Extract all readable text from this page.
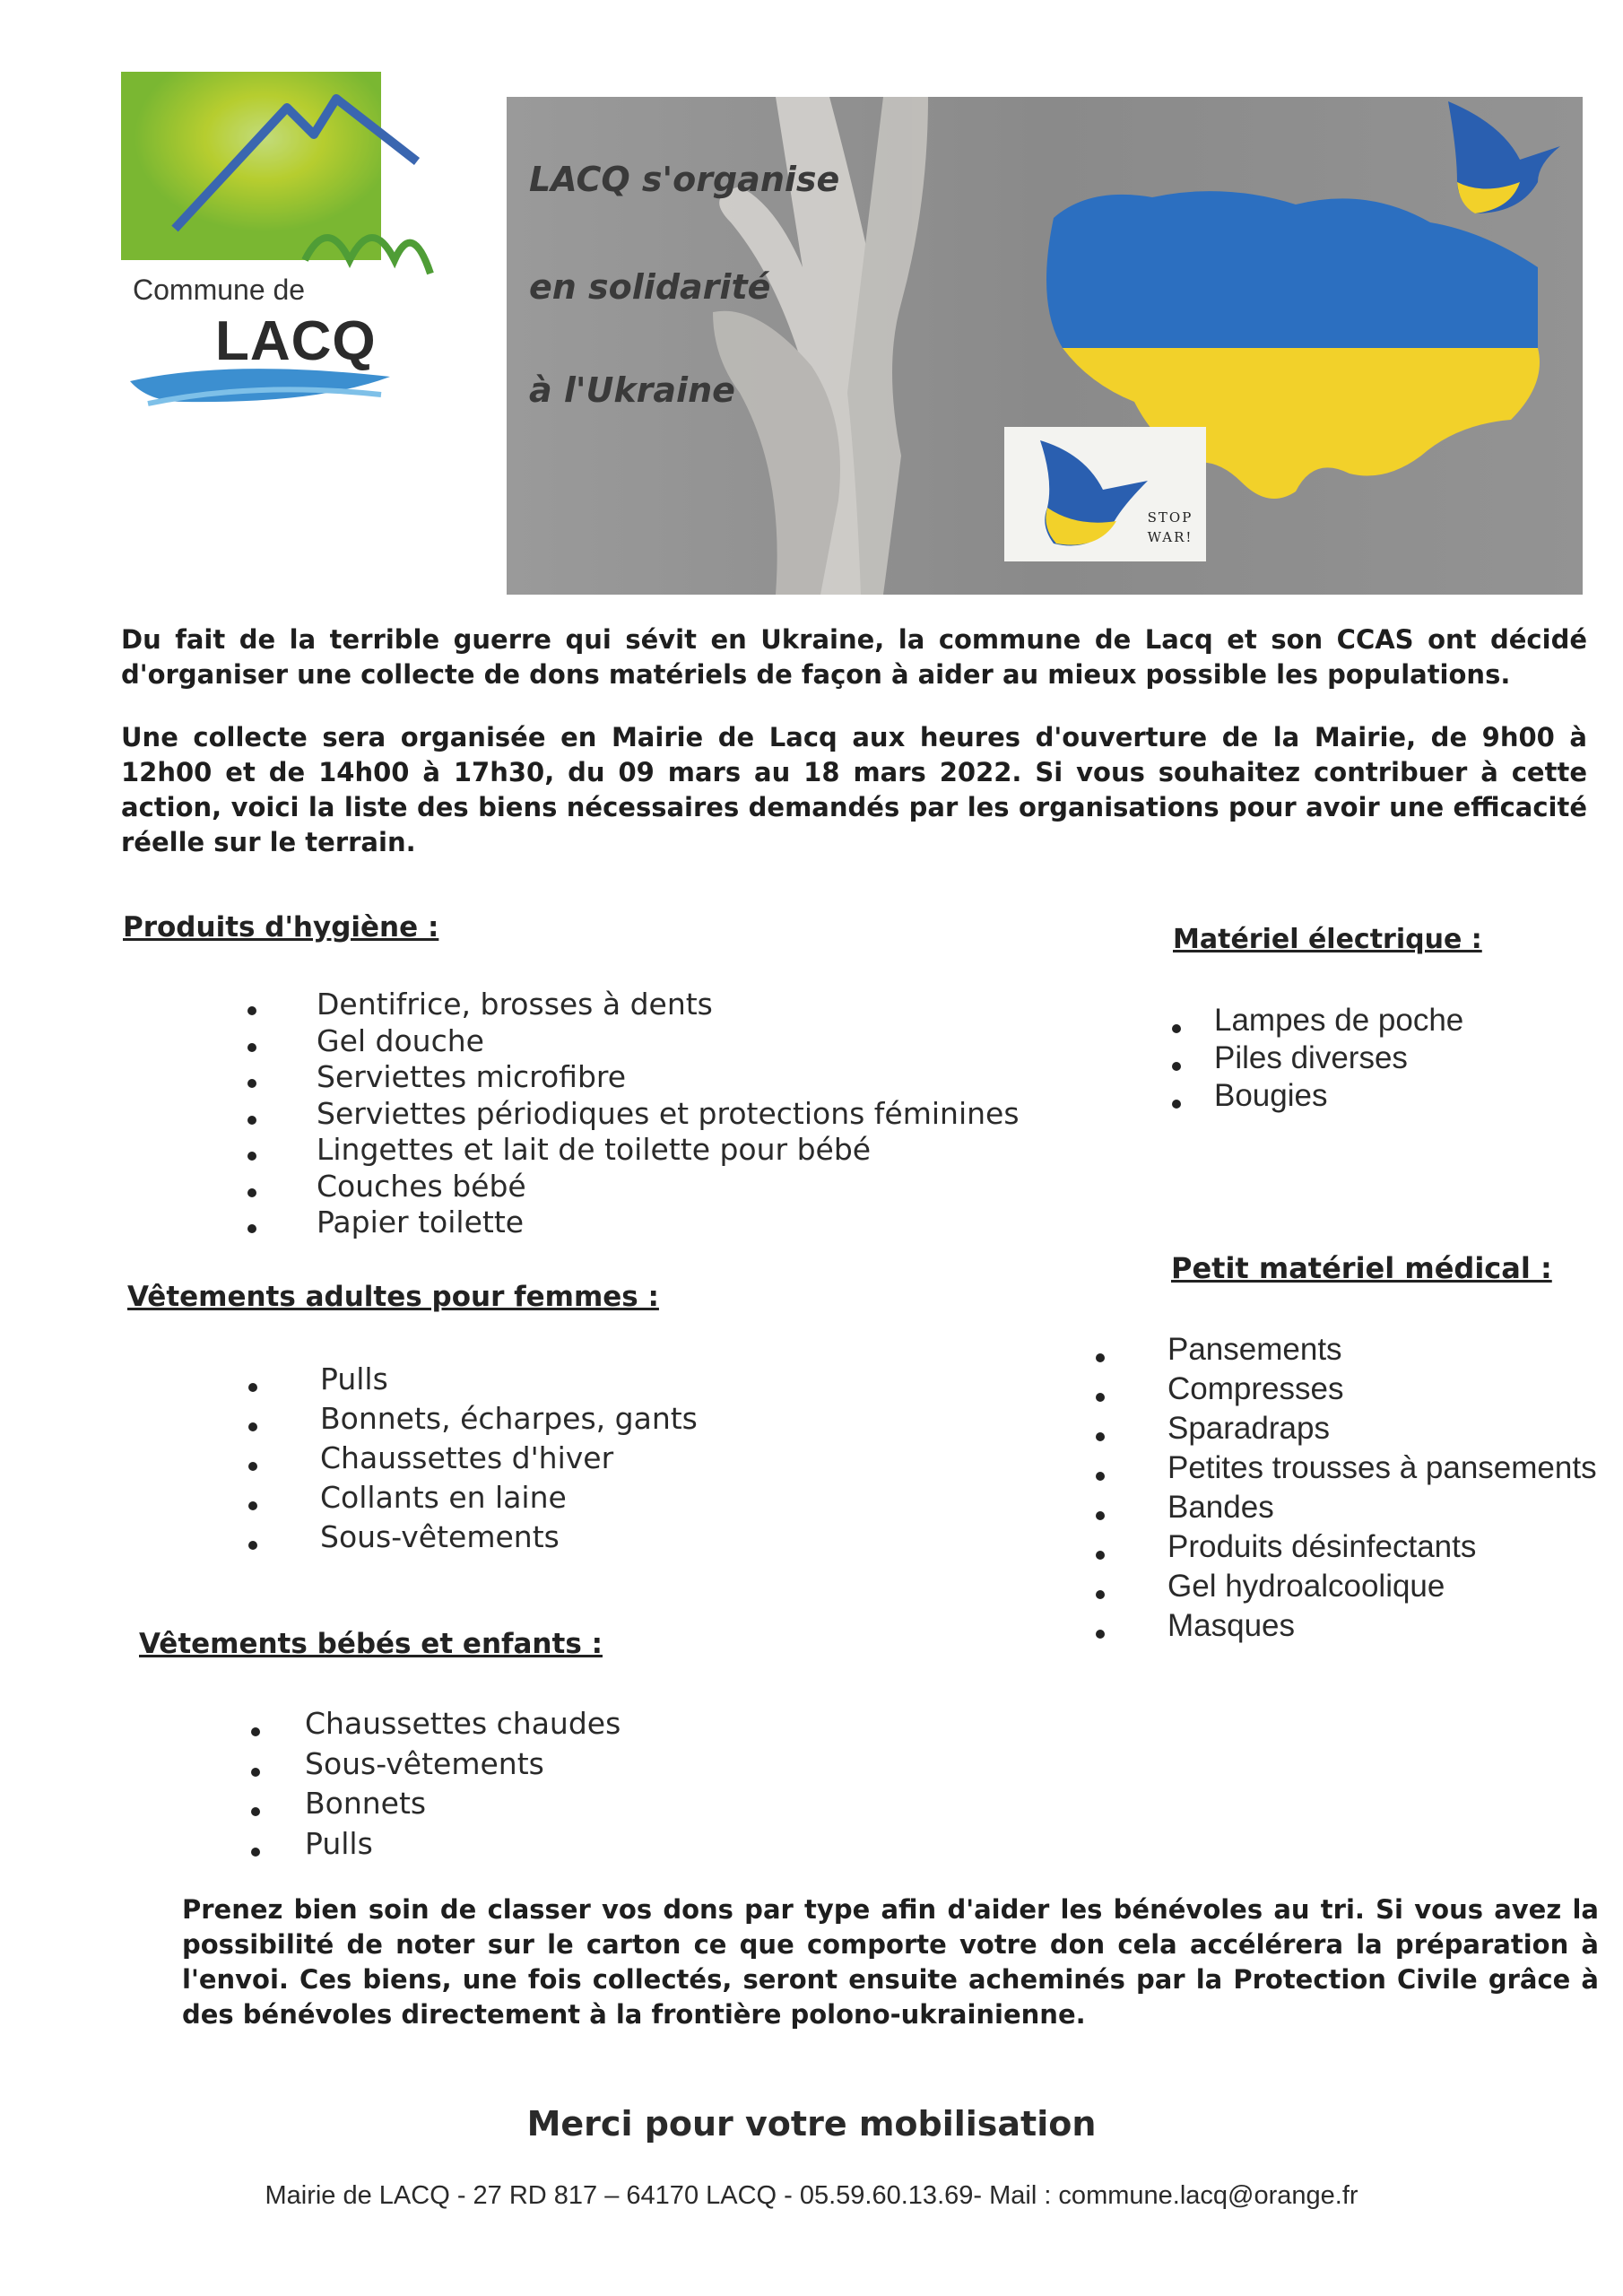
Commune de
LACQ
LACQ s'organise
en solidarité
à l'Ukraine
STOP WAR!
Du fait de la terrible guerre qui sévit en Ukraine, la commune de Lacq et son CCAS ont décidé d'organiser une collecte de dons matériels de façon à aider au mieux possible les populations.
Une collecte sera organisée en Mairie de Lacq aux heures d'ouverture de la Mairie, de 9h00 à 12h00 et de 14h00 à 17h30, du 09 mars au 18 mars 2022. Si vous souhaitez contribuer à cette action, voici la liste des biens nécessaires demandés par les organisations pour avoir une efficacité réelle sur le terrain.
Produits d'hygiène :
Dentifrice, brosses à dents
Gel douche
Serviettes microfibre
Serviettes périodiques et protections féminines
Lingettes et lait de toilette pour bébé
Couches bébé
Papier toilette
Vêtements adultes pour femmes :
Pulls
Bonnets, écharpes, gants
Chaussettes d'hiver
Collants en laine
Sous-vêtements
Vêtements bébés et enfants :
Chaussettes chaudes
Sous-vêtements
Bonnets
Pulls
Matériel électrique :
Lampes de poche
Piles diverses
Bougies
Petit matériel médical :
Pansements
Compresses
Sparadraps
Petites trousses à pansements
Bandes
Produits désinfectants
Gel hydroalcoolique
Masques
Prenez bien soin de classer vos dons par type afin d'aider les bénévoles au tri. Si vous avez la possibilité de noter sur le carton ce que comporte votre don cela accélérera la préparation à l'envoi. Ces biens, une fois collectés, seront ensuite acheminés par la Protection Civile grâce à des bénévoles directement à la frontière polono-ukrainienne.
Merci pour votre mobilisation
Mairie de LACQ - 27 RD 817 – 64170 LACQ - 05.59.60.13.69- Mail : commune.lacq@orange.fr
